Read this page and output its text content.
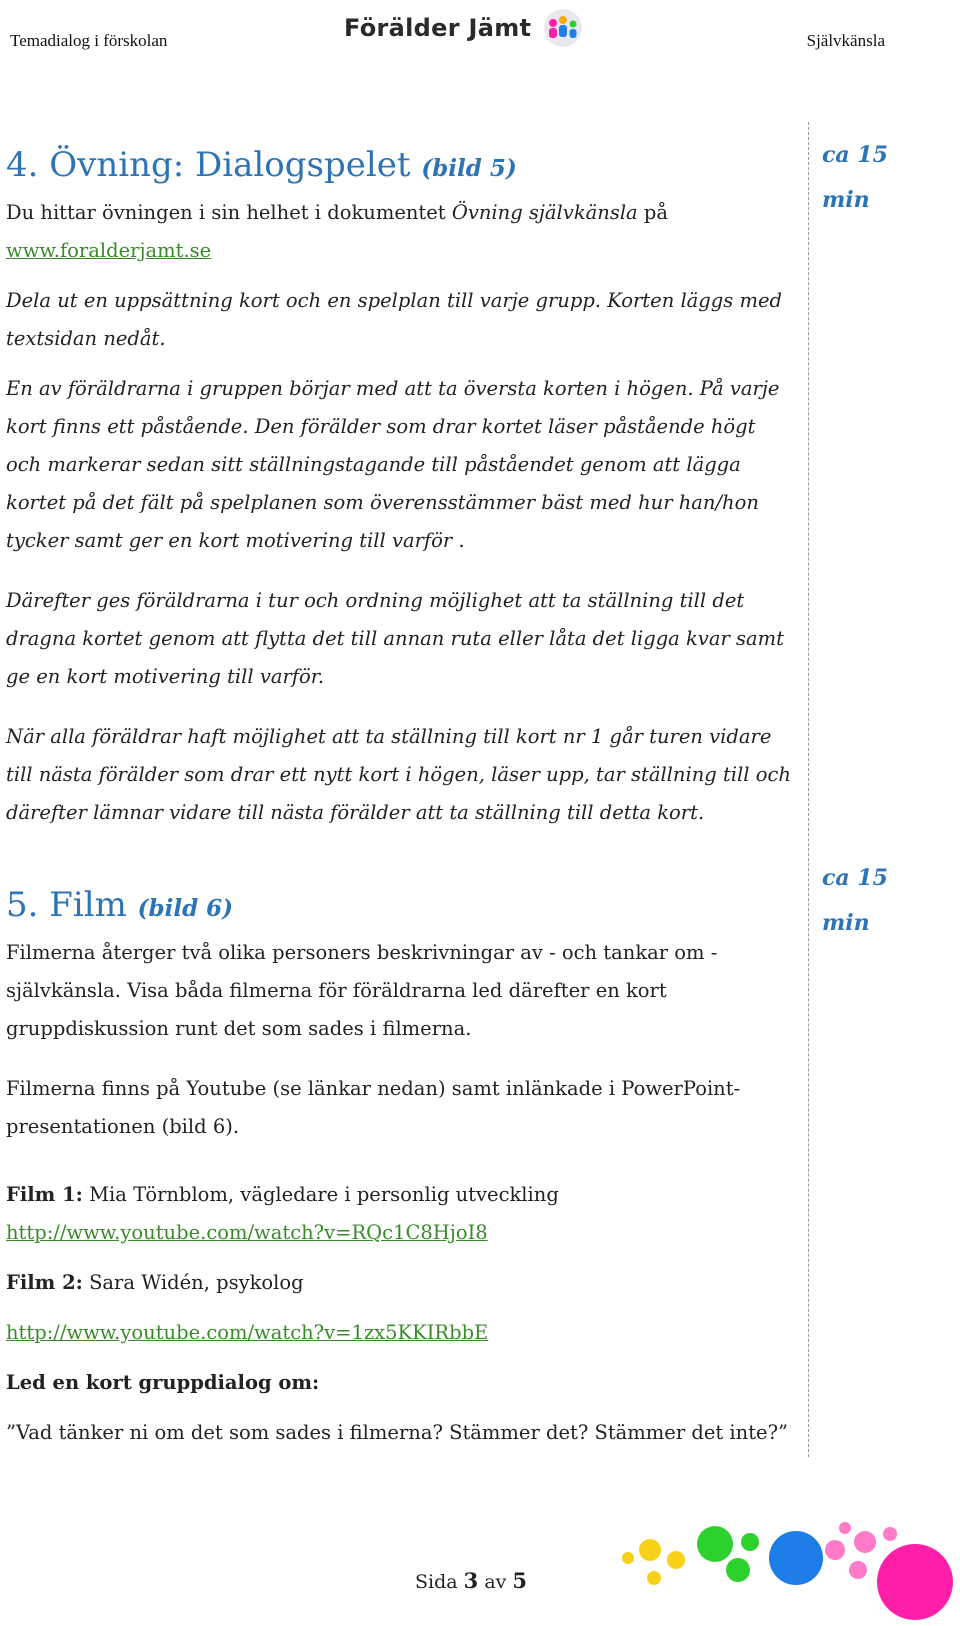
Temadialog i förskolan	Förälder Jämt	Självkänsla
ca 15
min
ca 15
min
4. Övning: Dialogspelet (bild 5)

Du hittar övningen i sin helhet i dokumentet Övning självkänsla på

www.foralderjamt.se

Dela ut en uppsättning kort och en spelplan till varje grupp. Korten läggs med textsidan nedåt.

En av föräldrarna i gruppen börjar med att ta översta korten i högen. På varje kort finns ett påstående. Den förälder som drar kortet läser påstående högt och markerar sedan sitt ställningstagande till påståendet genom att lägga kortet på det fält på spelplanen som överensstämmer bäst med hur han/hon tycker samt ger en kort motivering till varför .

Därefter ges föräldrarna i tur och ordning möjlighet att ta ställning till det dragna kortet genom att flytta det till annan ruta eller låta det ligga kvar samt ge en kort motivering till varför.

När alla föräldrar haft möjlighet att ta ställning till kort nr 1 går turen vidare till nästa förälder som drar ett nytt kort i högen, läser upp, tar ställning till och därefter lämnar vidare till nästa förälder att ta ställning till detta kort.

5. Film (bild 6)

Filmerna återger två olika personers beskrivningar av - och tankar om - självkänsla. Visa båda filmerna för föräldrarna led därefter en kort gruppdiskussion runt det som sades i filmerna.

Filmerna finns på Youtube (se länkar nedan) samt inlänkade i PowerPoint-presentationen (bild 6).

Film 1: Mia Törnblom, vägledare i personlig utveckling

http://www.youtube.com/watch?v=RQc1C8HjoI8

Film 2: Sara Widén, psykolog

http://www.youtube.com/watch?v=1zx5KKIRbbE

Led en kort gruppdialog om:

”Vad tänker ni om det som sades i filmerna? Stämmer det? Stämmer det inte?”

Sida 3 av 5
